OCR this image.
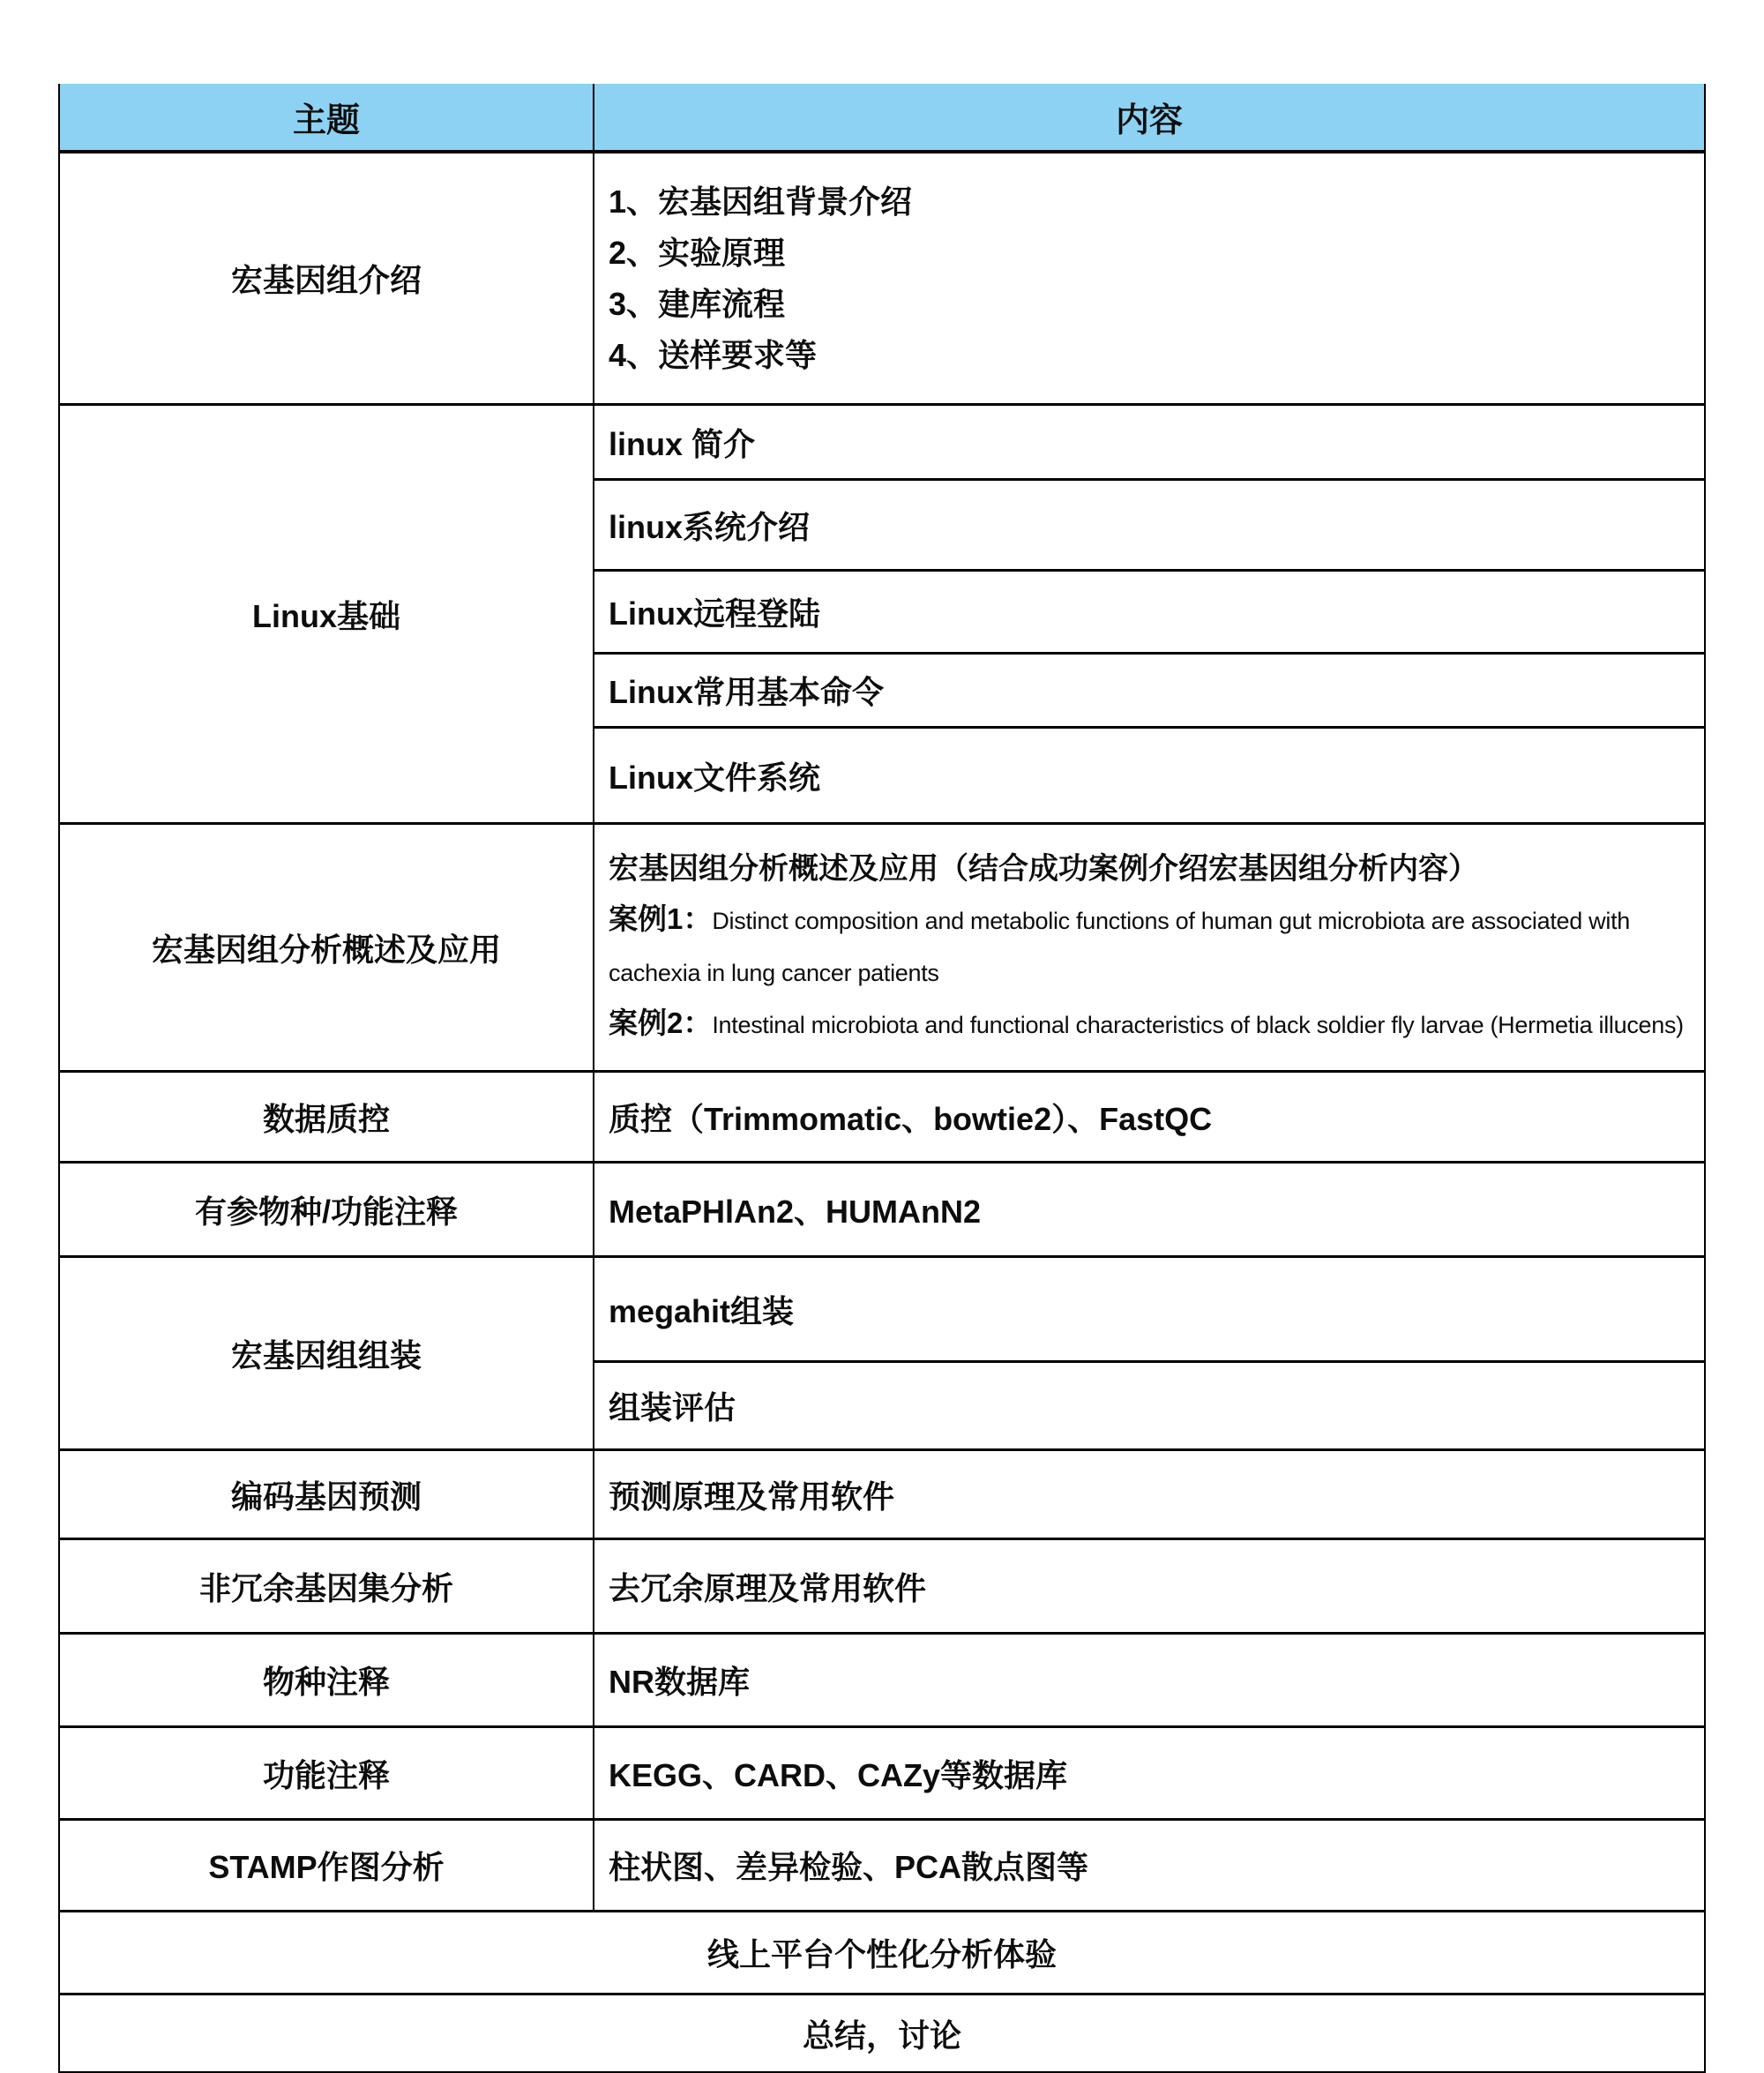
主题	内容
宏基因组介绍	1、宏基因组背景介绍
2、实验原理
3、建库流程
4、送样要求等

Linux基础	linux 简介
	linux系统介绍
	Linux远程登陆
	Linux常用基本命令
	Linux文件系统
宏基因组分析概述及应用	宏基因组分析概述及应用（结合成功案例介绍宏基因组分析内容）

案例1：Distinct composition and metabolic functions of human gut microbiota are associated with cachexia in lung cancer patients

案例2：Intestinal microbiota and functional characteristics of black soldier fly larvae (Hermetia illucens)

数据质控	质控（Trimmomatic、bowtie2）、FastQC
有参物种/功能注释	MetaPHlAn2、HUMAnN2
宏基因组组装	megahit组装
	组装评估
编码基因预测	预测原理及常用软件
非冗余基因集分析	去冗余原理及常用软件
物种注释	NR数据库
功能注释	KEGG、CARD、CAZy等数据库
STAMP作图分析	柱状图、差异检验、PCA散点图等
线上平台个性化分析体验	
总结，讨论	
